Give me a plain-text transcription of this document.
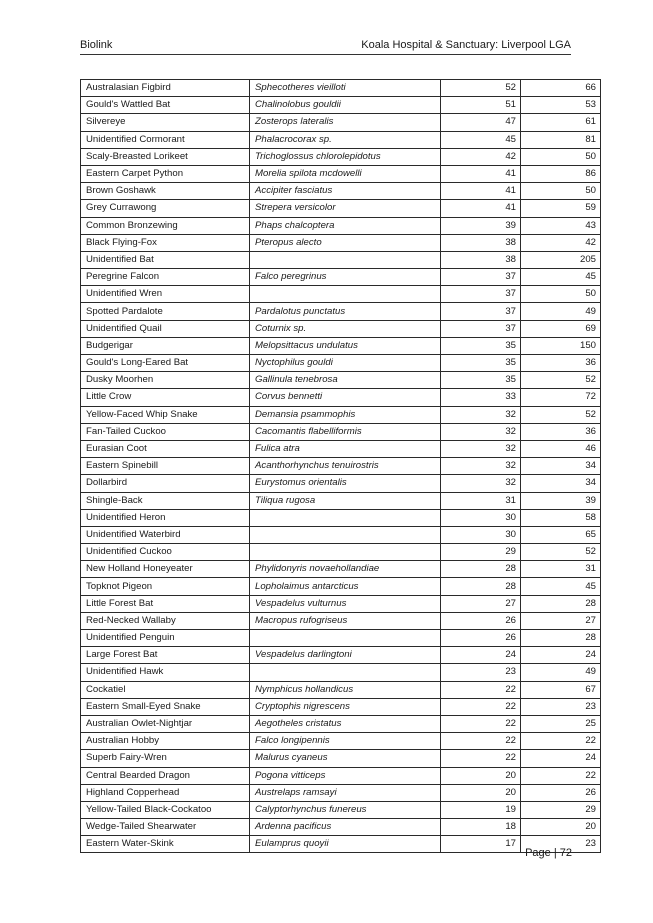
Biolink	Koala Hospital & Sanctuary: Liverpool LGA
Australasian Figbird	Sphecotheres vieilloti	52	66
Gould's Wattled Bat	Chalinolobus gouldii	51	53
Silvereye	Zosterops lateralis	47	61
Unidentified Cormorant	Phalacrocorax sp.	45	81
Scaly-Breasted Lorikeet	Trichoglossus chlorolepidotus	42	50
Eastern Carpet Python	Morelia spilota mcdowelli	41	86
Brown Goshawk	Accipiter fasciatus	41	50
Grey Currawong	Strepera versicolor	41	59
Common Bronzewing	Phaps chalcoptera	39	43
Black Flying-Fox	Pteropus alecto	38	42
Unidentified Bat		38	205
Peregrine Falcon	Falco peregrinus	37	45
Unidentified Wren		37	50
Spotted Pardalote	Pardalotus punctatus	37	49
Unidentified Quail	Coturnix sp.	37	69
Budgerigar	Melopsittacus undulatus	35	150
Gould's Long-Eared Bat	Nyctophilus gouldi	35	36
Dusky Moorhen	Gallinula tenebrosa	35	52
Little Crow	Corvus bennetti	33	72
Yellow-Faced Whip Snake	Demansia psammophis	32	52
Fan-Tailed Cuckoo	Cacomantis flabelliformis	32	36
Eurasian Coot	Fulica atra	32	46
Eastern Spinebill	Acanthorhynchus tenuirostris	32	34
Dollarbird	Eurystomus orientalis	32	34
Shingle-Back	Tiliqua rugosa	31	39
Unidentified Heron		30	58
Unidentified Waterbird		30	65
Unidentified Cuckoo		29	52
New Holland Honeyeater	Phylidonyris novaehollandiae	28	31
Topknot Pigeon	Lopholaimus antarcticus	28	45
Little Forest Bat	Vespadelus vulturnus	27	28
Red-Necked Wallaby	Macropus rufogriseus	26	27
Unidentified Penguin		26	28
Large Forest Bat	Vespadelus darlingtoni	24	24
Unidentified Hawk		23	49
Cockatiel	Nymphicus hollandicus	22	67
Eastern Small-Eyed Snake	Cryptophis nigrescens	22	23
Australian Owlet-Nightjar	Aegotheles cristatus	22	25
Australian Hobby	Falco longipennis	22	22
Superb Fairy-Wren	Malurus cyaneus	22	24
Central Bearded Dragon	Pogona vitticeps	20	22
Highland Copperhead	Austrelaps ramsayi	20	26
Yellow-Tailed Black-Cockatoo	Calyptorhynchus funereus	19	29
Wedge-Tailed Shearwater	Ardenna pacificus	18	20
Eastern Water-Skink	Eulamprus quoyii	17	23
Page | 72
